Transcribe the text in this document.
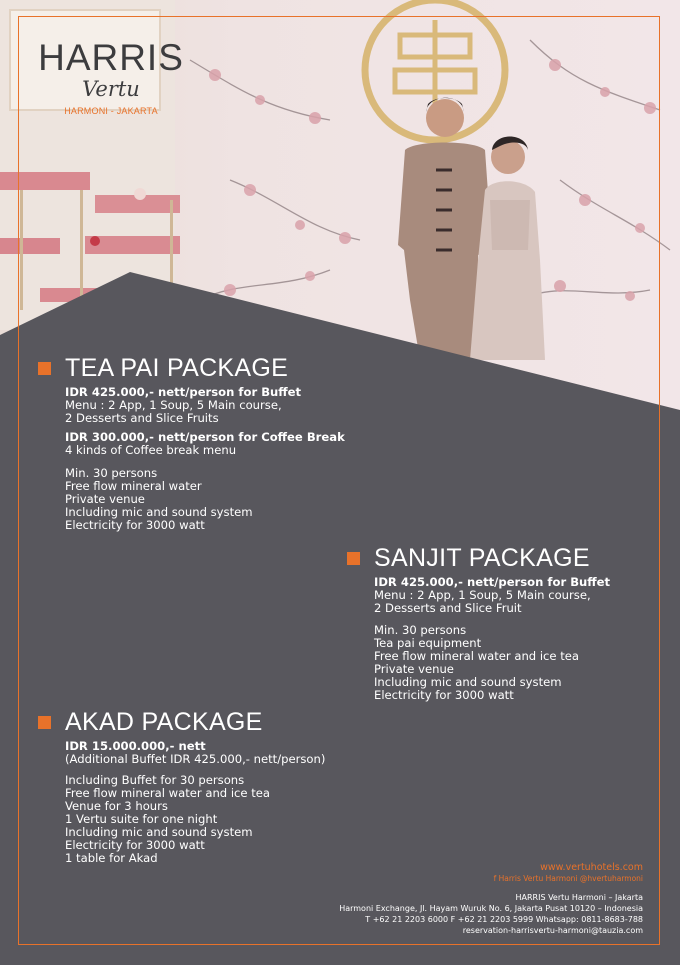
HARRIS
Vertu
HARMONI - JAKARTA
TEA PAI PACKAGE
IDR 425.000,- nett/person for Buffet
Menu : 2 App, 1 Soup, 5 Main course,
2 Desserts and Slice Fruits
IDR 300.000,- nett/person for Coffee Break
4 kinds of Coffee break menu
Min. 30 persons
Free flow mineral water
Private venue
Including mic and sound system
Electricity for 3000 watt
SANJIT PACKAGE
IDR 425.000,- nett/person for Buffet
Menu : 2 App, 1 Soup, 5 Main course,
2 Desserts and Slice Fruit
Min. 30 persons
Tea pai equipment
Free flow mineral water and ice tea
Private venue
Including mic and sound system
Electricity for 3000 watt
AKAD PACKAGE
IDR 15.000.000,- nett
(Additional Buffet IDR 425.000,- nett/person)
Including Buffet for 30 persons
Free flow mineral water and ice tea
Venue for 3 hours
1 Vertu suite for one night
Including mic and sound system
Electricity for 3000 watt
1 table for Akad
www.vertuhotels.com
f Harris Vertu Harmoni @hvertuharmoni
HARRIS Vertu Harmoni – Jakarta
Harmoni Exchange, Jl. Hayam Wuruk No. 6, Jakarta Pusat 10120 – Indonesia
T +62 21 2203 6000 F +62 21 2203 5999 Whatsapp: 0811-8683-788
reservation-harrisvertu-harmoni@tauzia.com
